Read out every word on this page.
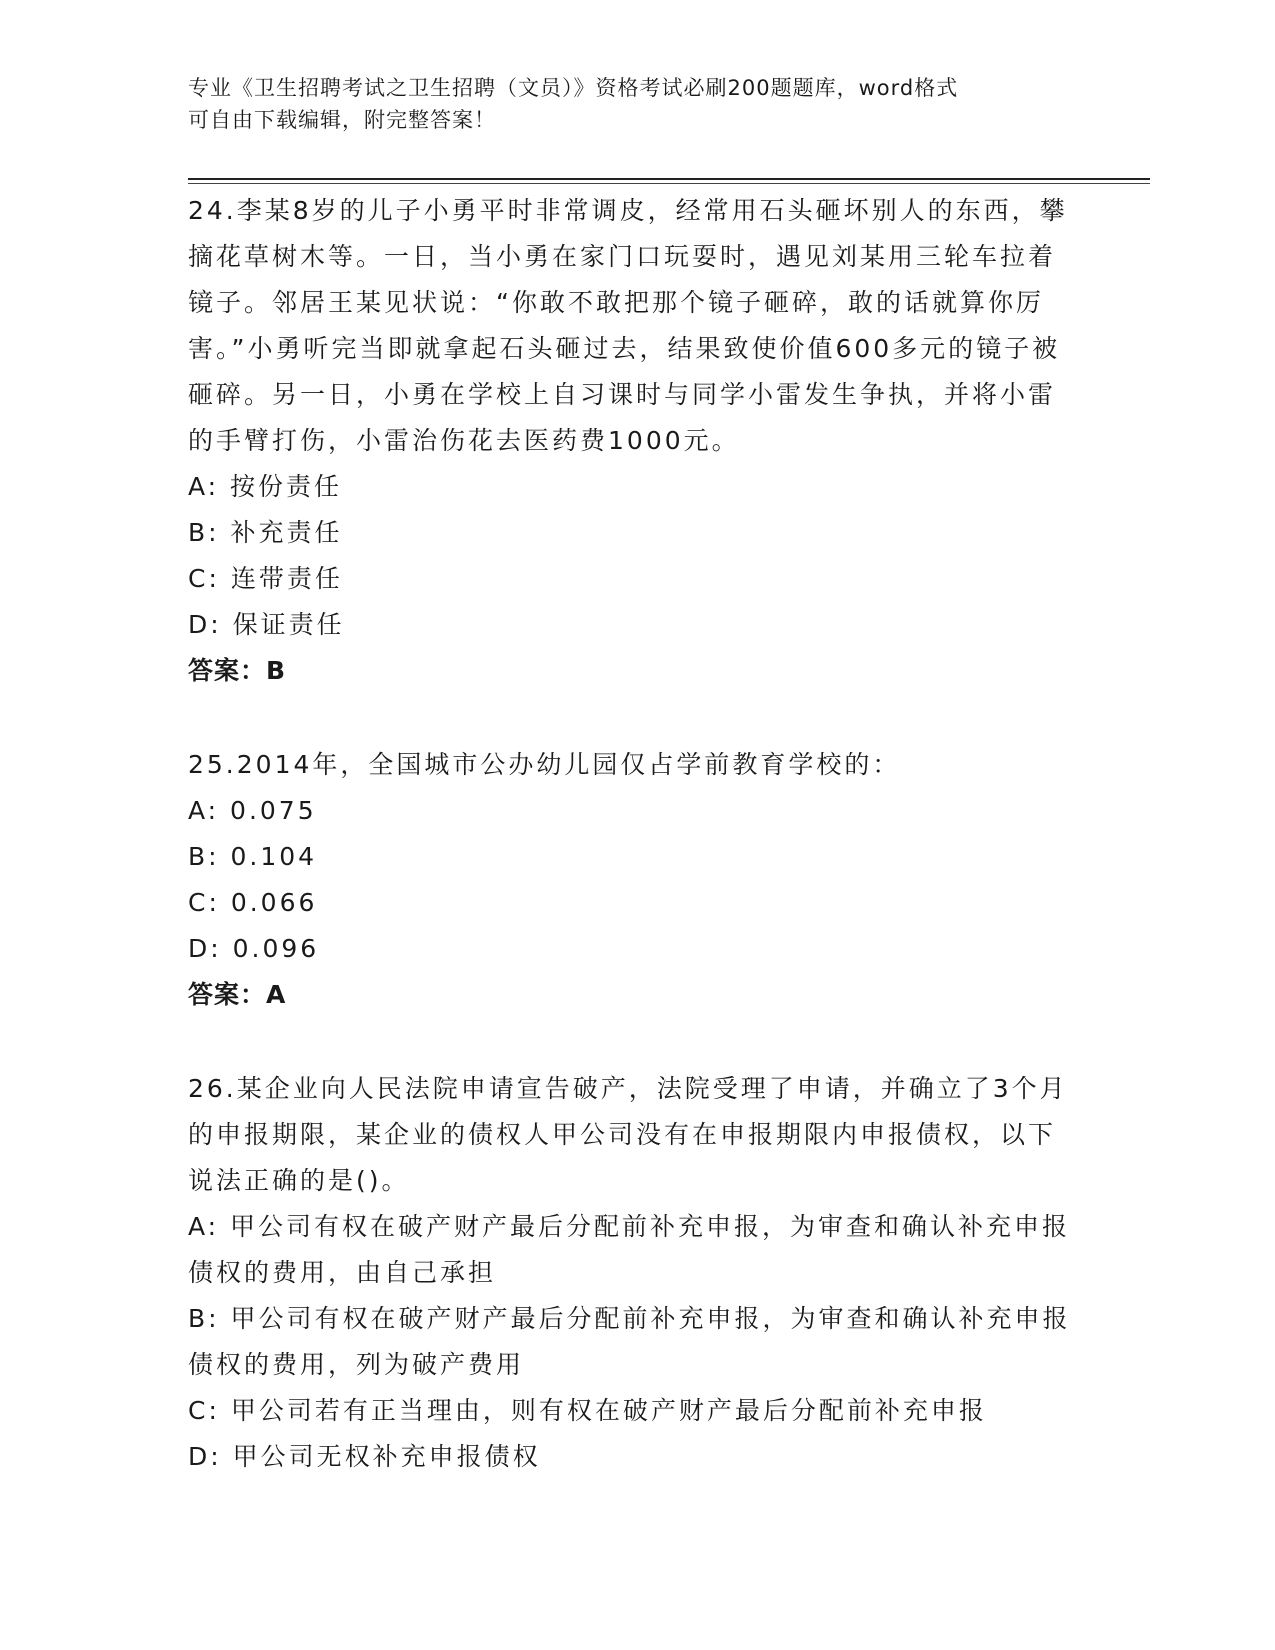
专业《卫生招聘考试之卫生招聘（文员）》资格考试必刷200题题库，word格式
可自由下载编辑，附完整答案！

24.李某8岁的儿子小勇平时非常调皮，经常用石头砸坏别人的东西，攀摘花草树木等。一日，当小勇在家门口玩耍时，遇见刘某用三轮车拉着镜子。邻居王某见状说：“你敢不敢把那个镜子砸碎，敢的话就算你厉害。”小勇听完当即就拿起石头砸过去，结果致使价值600多元的镜子被砸碎。另一日，小勇在学校上自习课时与同学小雷发生争执，并将小雷的手臂打伤，小雷治伤花去医药费1000元。

A: 按份责任

B: 补充责任

C: 连带责任

D: 保证责任

答案：B

25.2014年，全国城市公办幼儿园仅占学前教育学校的：

A: 0.075

B: 0.104

C: 0.066

D: 0.096

答案：A

26.某企业向人民法院申请宣告破产，法院受理了申请，并确立了3个月的申报期限，某企业的债权人甲公司没有在申报期限内申报债权，以下说法正确的是()。

A: 甲公司有权在破产财产最后分配前补充申报，为审查和确认补充申报债权的费用，由自己承担

B: 甲公司有权在破产财产最后分配前补充申报，为审查和确认补充申报债权的费用，列为破产费用

C: 甲公司若有正当理由，则有权在破产财产最后分配前补充申报

D: 甲公司无权补充申报债权
